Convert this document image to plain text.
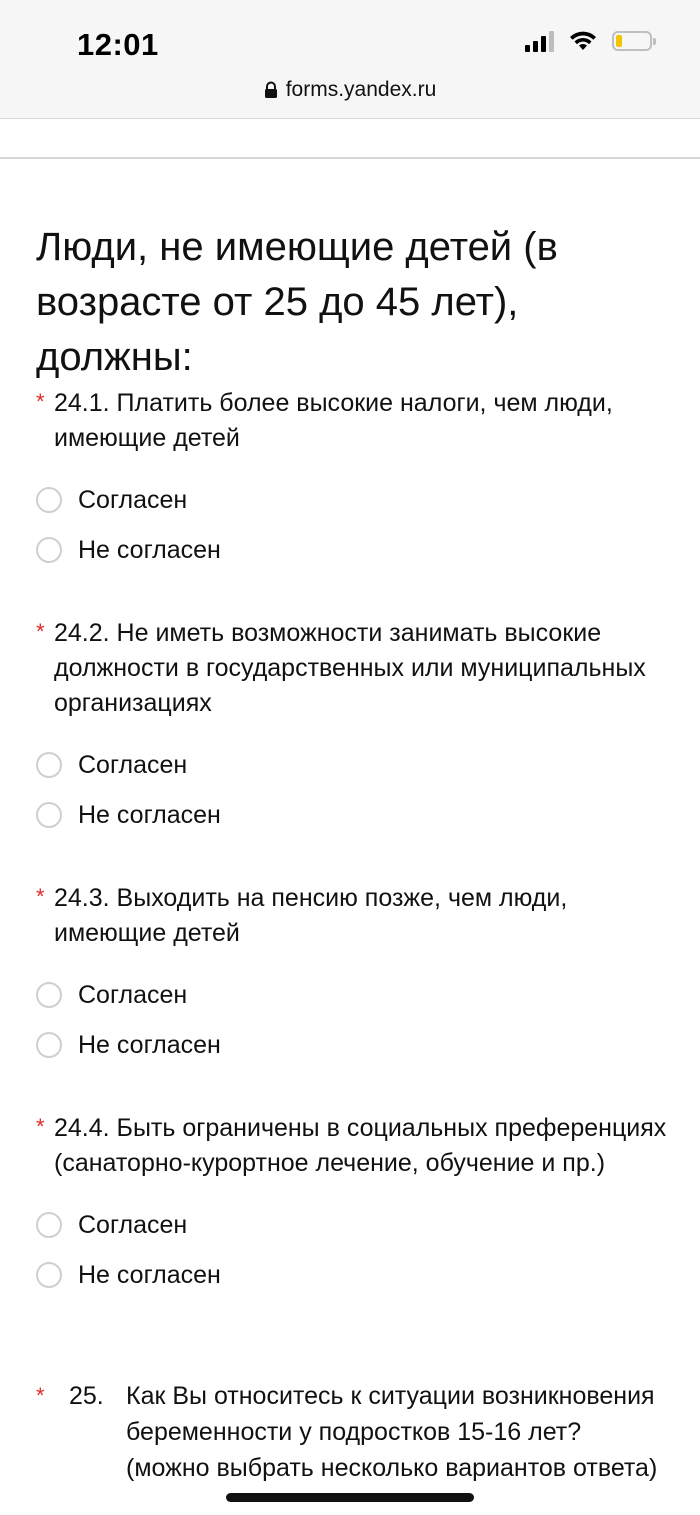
12:01
forms.yandex.ru
Люди, не имеющие детей (в возрасте от 25 до 45 лет), должны:
* 24.1. Платить более высокие налоги, чем люди, имеющие детей
Согласен
Не согласен
* 24.2. Не иметь возможности занимать высокие должности в государственных или муниципальных организациях
Согласен
Не согласен
* 24.3. Выходить на пенсию позже, чем люди, имеющие детей
Согласен
Не согласен
* 24.4. Быть ограничены в социальных преференциях (санаторно-курортное лечение, обучение и пр.)
Согласен
Не согласен
* 25. Как Вы относитесь к ситуации возникновения беременности у подростков 15-16 лет? (можно выбрать несколько вариантов ответа)
